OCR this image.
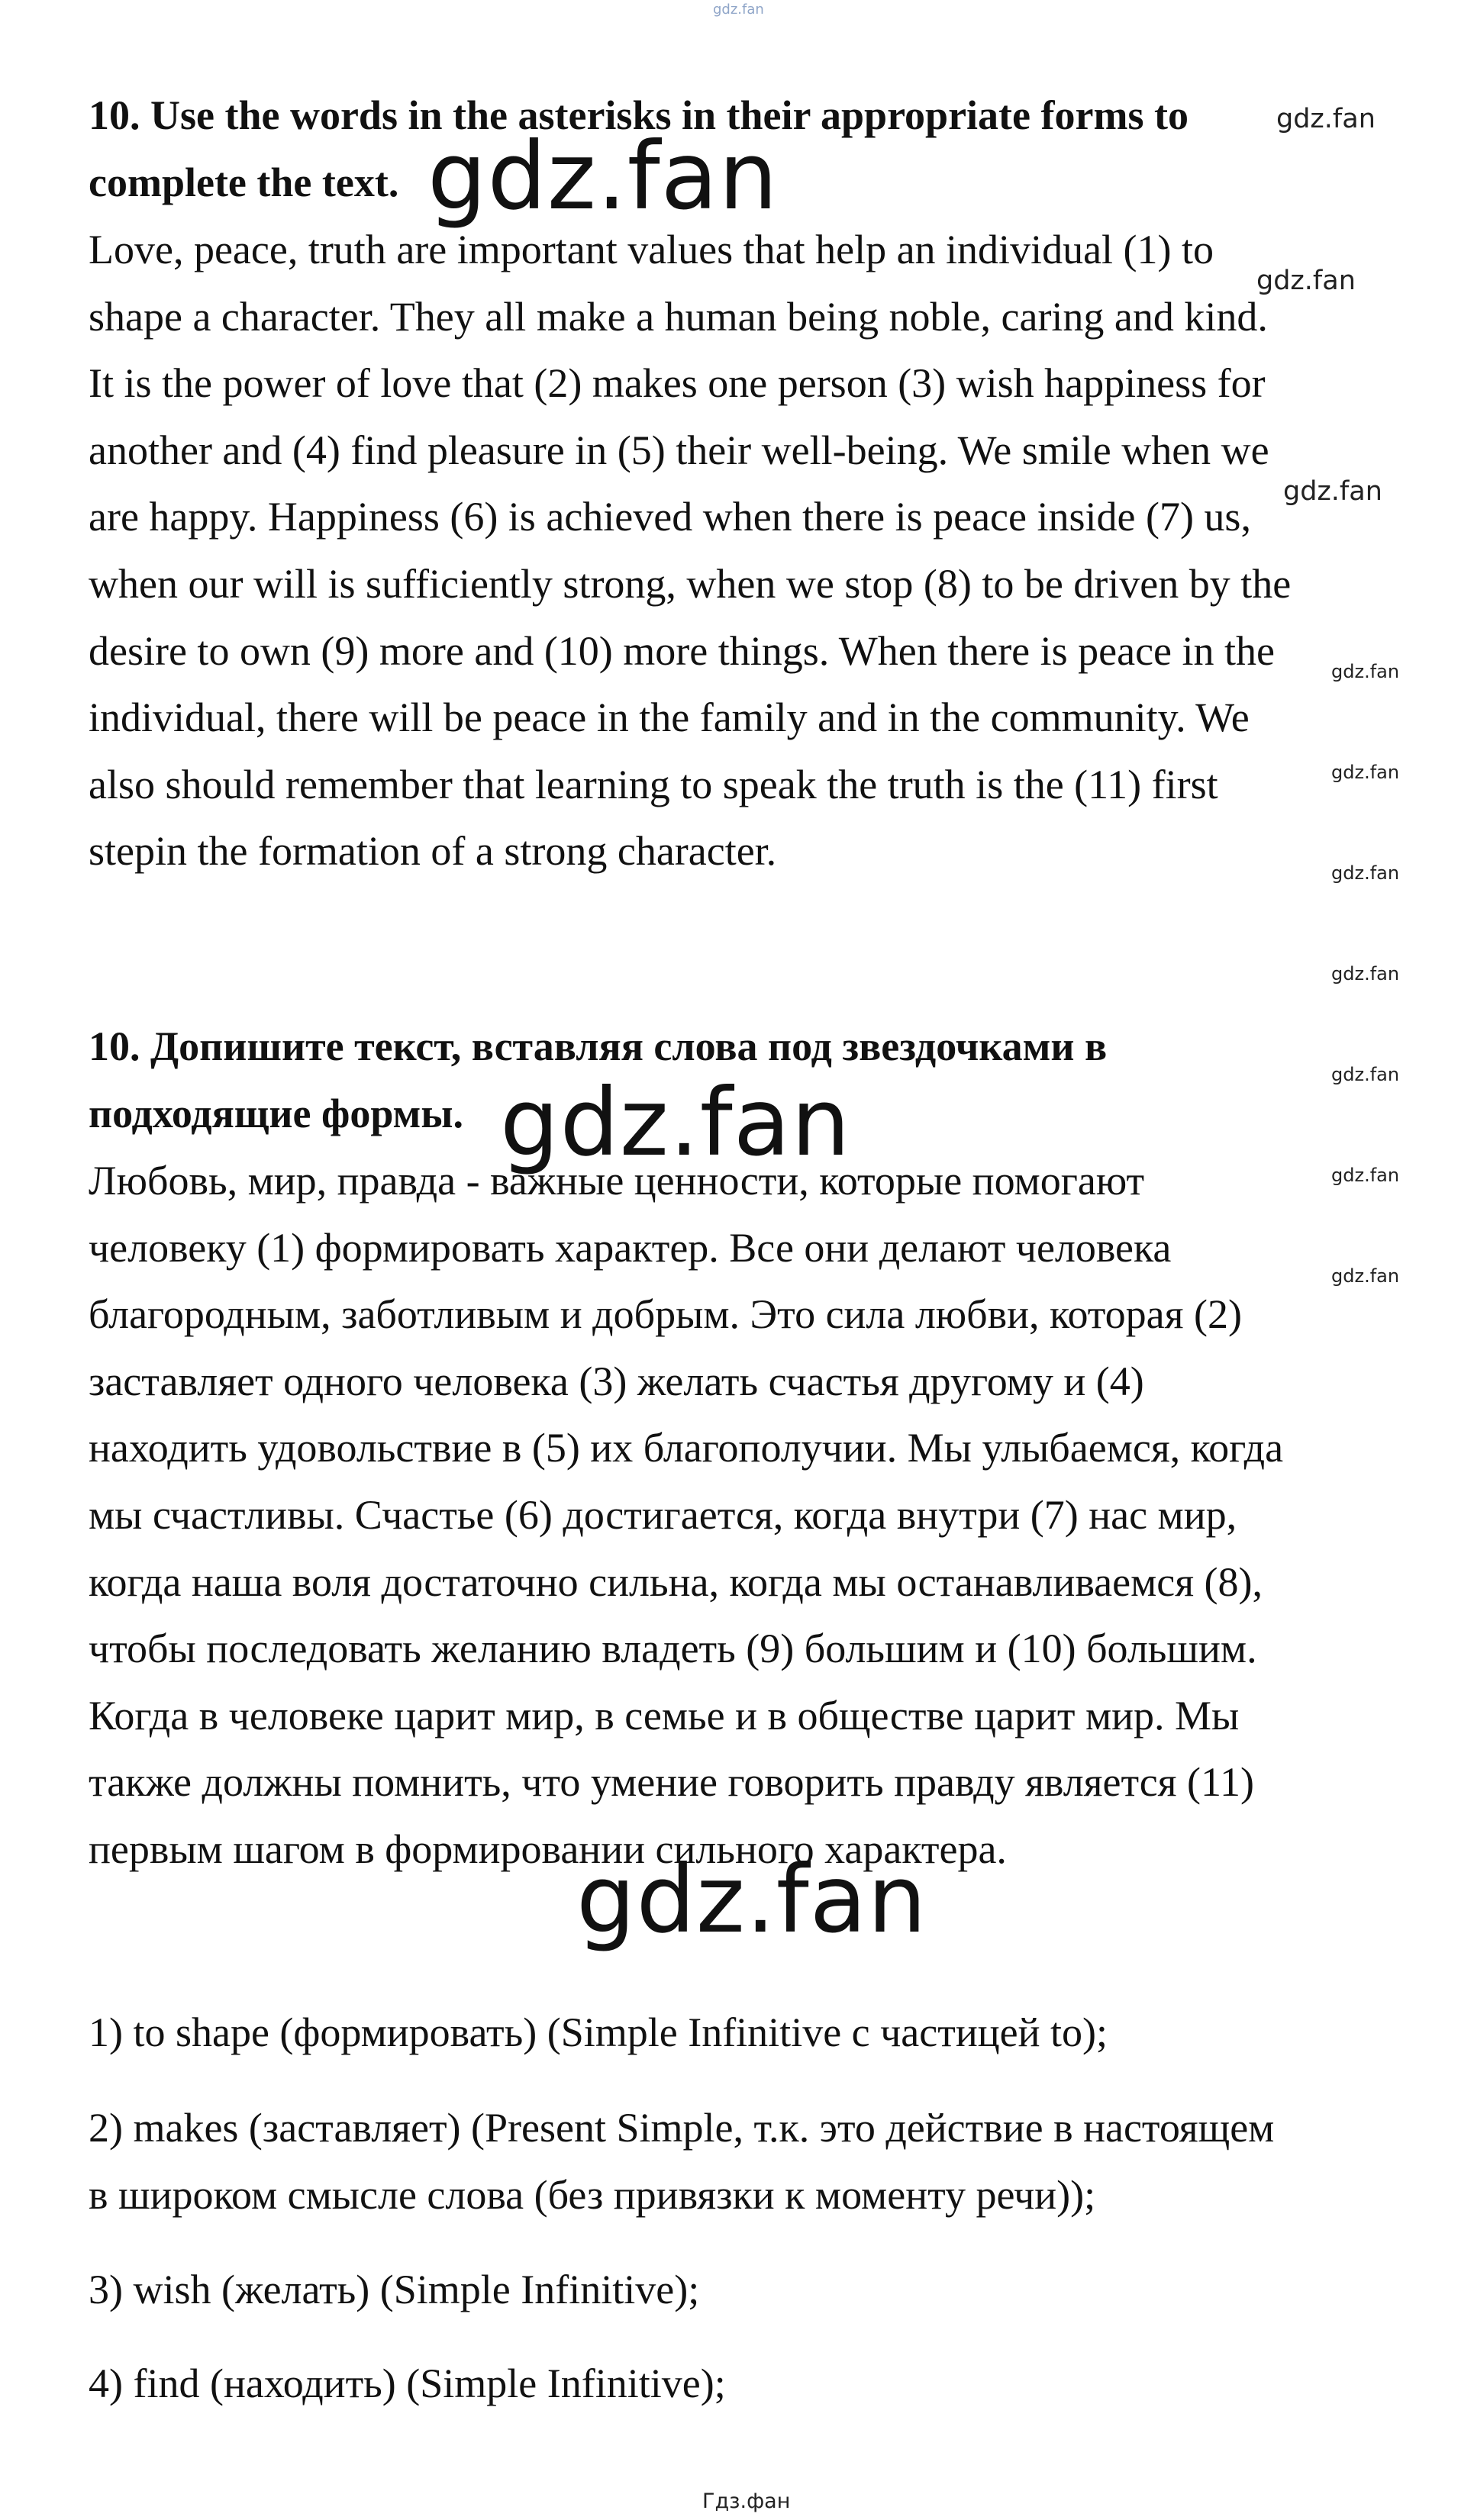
gdz.fan
10. Use the words in the asterisks in their appropriate forms to
complete the text.
Love, peace, truth are important values that help an individual (1) to
shape a character. They all make a human being noble, caring and kind.
It is the power of love that (2) makes one person (3) wish happiness for
another and (4) find pleasure in (5) their well-being. We smile when we
are happy. Happiness (6) is achieved when there is peace inside (7) us,
when our will is sufficiently strong, when we stop (8) to be driven by the
desire to own (9) more and (10) more things. When there is peace in the
individual, there will be peace in the family and in the community. We
also should remember that learning to speak the truth is the (11) first
stepin the formation of a strong character.
10. Допишите текст, вставляя слова под звездочками в
подходящие формы.
Любовь, мир, правда - важные ценности, которые помогают
человеку (1) формировать характер. Все они делают человека
благородным, заботливым и добрым. Это сила любви, которая (2)
заставляет одного человека (3) желать счастья другому и (4)
находить удовольствие в (5) их благополучии. Мы улыбаемся, когда
мы счастливы. Счастье (6) достигается, когда внутри (7) нас мир,
когда наша воля достаточно сильна, когда мы останавливаемся (8),
чтобы последовать желанию владеть (9) большим и (10) большим.
Когда в человеке царит мир, в семье и в обществе царит мир. Мы
также должны помнить, что умение говорить правду является (11)
первым шагом в формировании сильного характера.
1) to shape (формировать) (Simple Infinitive с частицей to);
2) makes (заставляет) (Present Simple, т.к. это действие в настоящем
в широком смысле слова (без привязки к моменту речи));
3) wish (желать) (Simple Infinitive);
4) find (находить) (Simple Infinitive);
gdz.fan
gdz.fan
gdz.fan
gdz.fan
gdz.fan
gdz.fan
gdz.fan
gdz.fan
gdz.fan
gdz.fan
gdz.fan
gdz.fan
gdz.fan
Гдз.фан
